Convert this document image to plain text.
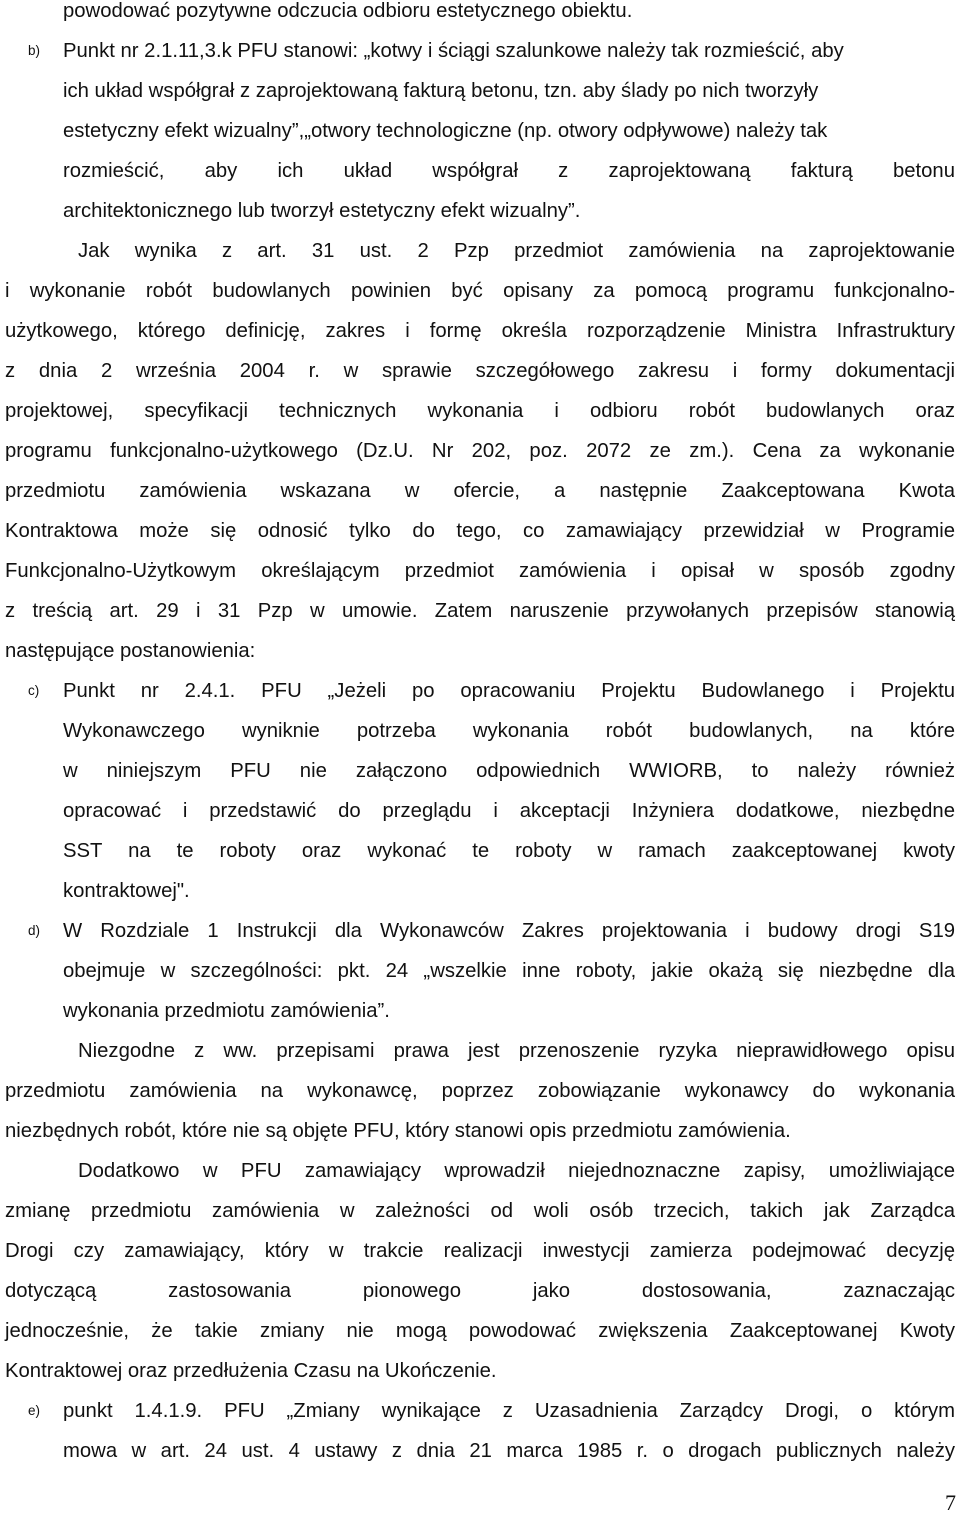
powodować pozytywne odczucia odbioru estetycznego obiektu.
b) Punkt nr 2.1.11,3.k PFU stanowi: „kotwy i ściągi szalunkowe należy tak rozmieścić, aby
ich układ współgrał z zaprojektowaną fakturą betonu, tzn. aby ślady po nich tworzyły
estetyczny efekt wizualny”,„otwory technologiczne (np. otwory odpływowe) należy tak
rozmieścić, aby ich układ współgrał z zaprojektowaną fakturą betonu
architektonicznego lub tworzył estetyczny efekt wizualny”.
Jak wynika z art. 31 ust. 2 Pzp przedmiot zamówienia na zaprojektowanie
i wykonanie robót budowlanych powinien być opisany za pomocą programu funkcjonalno-
użytkowego, którego definicję, zakres i formę określa rozporządzenie Ministra Infrastruktury
z dnia 2 września 2004 r. w sprawie szczegółowego zakresu i formy dokumentacji
projektowej, specyfikacji technicznych wykonania i odbioru robót budowlanych oraz
programu funkcjonalno-użytkowego (Dz.U. Nr 202, poz. 2072 ze zm.). Cena za wykonanie
przedmiotu zamówienia wskazana w ofercie, a następnie Zaakceptowana Kwota
Kontraktowa może się odnosić tylko do tego, co zamawiający przewidział w Programie
Funkcjonalno-Użytkowym określającym przedmiot zamówienia i opisał w sposób zgodny
z treścią art. 29 i 31 Pzp w umowie. Zatem naruszenie przywołanych przepisów stanowią
następujące postanowienia:
c) Punkt nr 2.4.1. PFU „Jeżeli po opracowaniu Projektu Budowlanego i Projektu
Wykonawczego wyniknie potrzeba wykonania robót budowlanych, na które
w niniejszym PFU nie załączono odpowiednich WWIORB, to należy również
opracować i przedstawić do przeglądu i akceptacji Inżyniera dodatkowe, niezbędne
SST na te roboty oraz wykonać te roboty w ramach zaakceptowanej kwoty
kontraktowej".
d) W Rozdziale 1 Instrukcji dla Wykonawców Zakres projektowania i budowy drogi S19
obejmuje w szczególności: pkt. 24 „wszelkie inne roboty, jakie okażą się niezbędne dla
wykonania przedmiotu zamówienia”.
Niezgodne z ww. przepisami prawa jest przenoszenie ryzyka nieprawidłowego opisu
przedmiotu zamówienia na wykonawcę, poprzez zobowiązanie wykonawcy do wykonania
niezbędnych robót, które nie są objęte PFU, który stanowi opis przedmiotu zamówienia.
Dodatkowo w PFU zamawiający wprowadził niejednoznaczne zapisy, umożliwiające
zmianę przedmiotu zamówienia w zależności od woli osób trzecich, takich jak Zarządca
Drogi czy zamawiający, który w trakcie realizacji inwestycji zamierza podejmować decyzję
dotyczącą zastosowania pionowego jako dostosowania, zaznaczając
jednocześnie, że takie zmiany nie mogą powodować zwiększenia Zaakceptowanej Kwoty
Kontraktowej oraz przedłużenia Czasu na Ukończenie.
e) punkt 1.4.1.9. PFU „Zmiany wynikające z Uzasadnienia Zarządcy Drogi, o którym
mowa w art. 24 ust. 4 ustawy z dnia 21 marca 1985 r. o drogach publicznych należy
7
